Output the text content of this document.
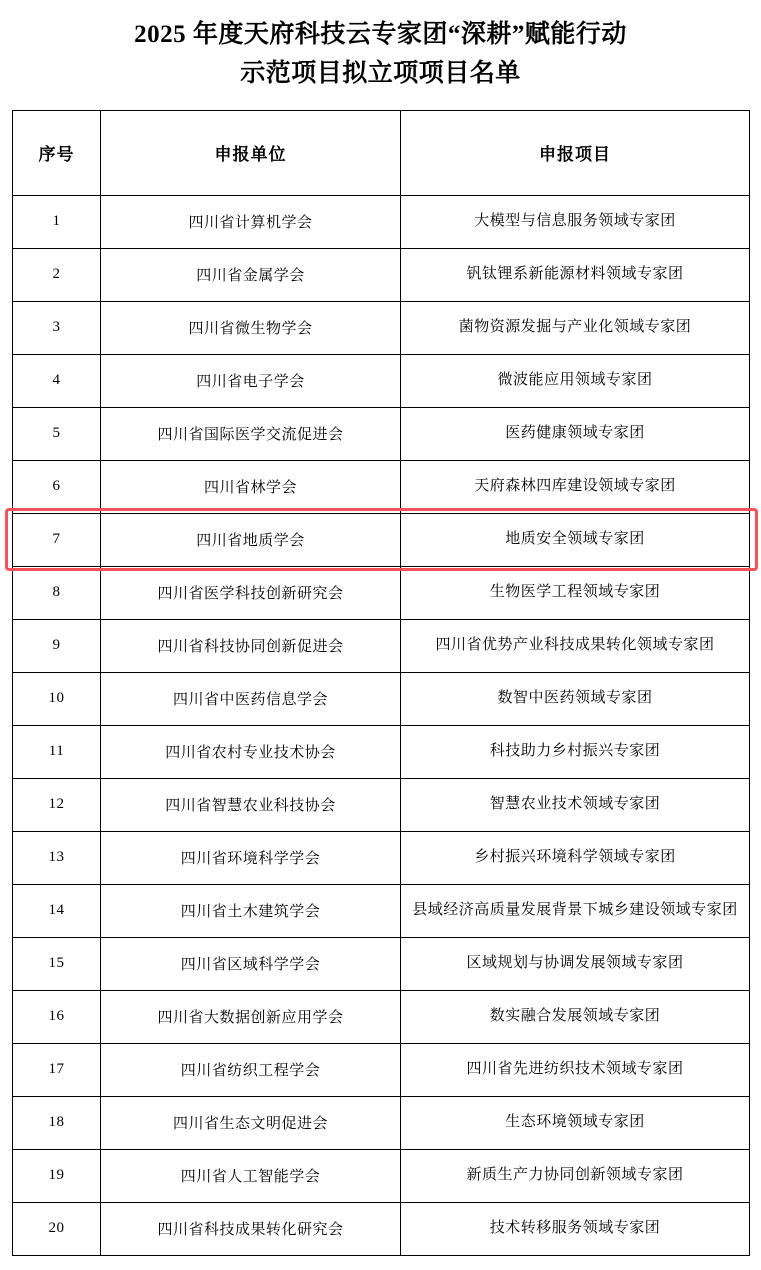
2025 年度天府科技云专家团“深耕”赋能行动
示范项目拟立项项目名单
序号	申报单位	申报项目
1	四川省计算机学会	大模型与信息服务领域专家团
2	四川省金属学会	钒钛锂系新能源材料领域专家团
3	四川省微生物学会	菌物资源发掘与产业化领域专家团
4	四川省电子学会	微波能应用领域专家团
5	四川省国际医学交流促进会	医药健康领域专家团
6	四川省林学会	天府森林四库建设领域专家团
7	四川省地质学会	地质安全领域专家团
8	四川省医学科技创新研究会	生物医学工程领域专家团
9	四川省科技协同创新促进会	四川省优势产业科技成果转化领域专家团
10	四川省中医药信息学会	数智中医药领域专家团
11	四川省农村专业技术协会	科技助力乡村振兴专家团
12	四川省智慧农业科技协会	智慧农业技术领域专家团
13	四川省环境科学学会	乡村振兴环境科学领域专家团
14	四川省土木建筑学会	县域经济高质量发展背景下城乡建设领域专家团
15	四川省区域科学学会	区域规划与协调发展领域专家团
16	四川省大数据创新应用学会	数实融合发展领域专家团
17	四川省纺织工程学会	四川省先进纺织技术领域专家团
18	四川省生态文明促进会	生态环境领域专家团
19	四川省人工智能学会	新质生产力协同创新领域专家团
20	四川省科技成果转化研究会	技术转移服务领域专家团
